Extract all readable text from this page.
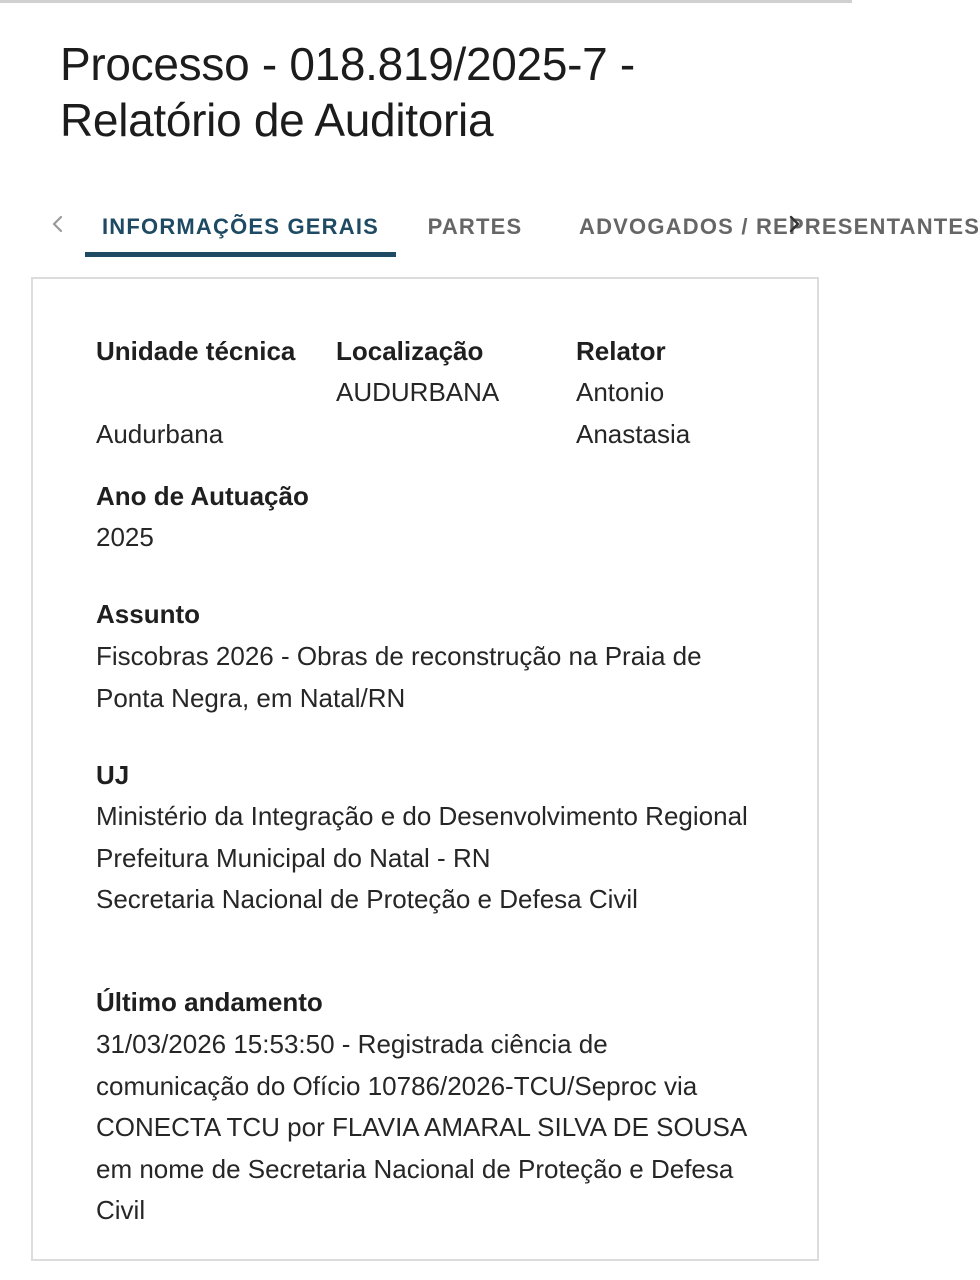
Processo - 018.819/2025-7 - Relatório de Auditoria
INFORMAÇÕES GERAIS	PARTES	ADVOGADOS / REPRESENTANTES
Unidade técnica
Audurbana
Localização
AUDURBANA
Relator
Antonio Anastasia
Ano de Autuação
2025
Assunto
Fiscobras 2026 - Obras de reconstrução na Praia de Ponta Negra, em Natal/RN
UJ
Ministério da Integração e do Desenvolvimento Regional
Prefeitura Municipal do Natal - RN
Secretaria Nacional de Proteção e Defesa Civil
Último andamento
31/03/2026 15:53:50 - Registrada ciência de comunicação do Ofício 10786/2026-TCU/Seproc via CONECTA TCU por FLAVIA AMARAL SILVA DE SOUSA em nome de Secretaria Nacional de Proteção e Defesa Civil
